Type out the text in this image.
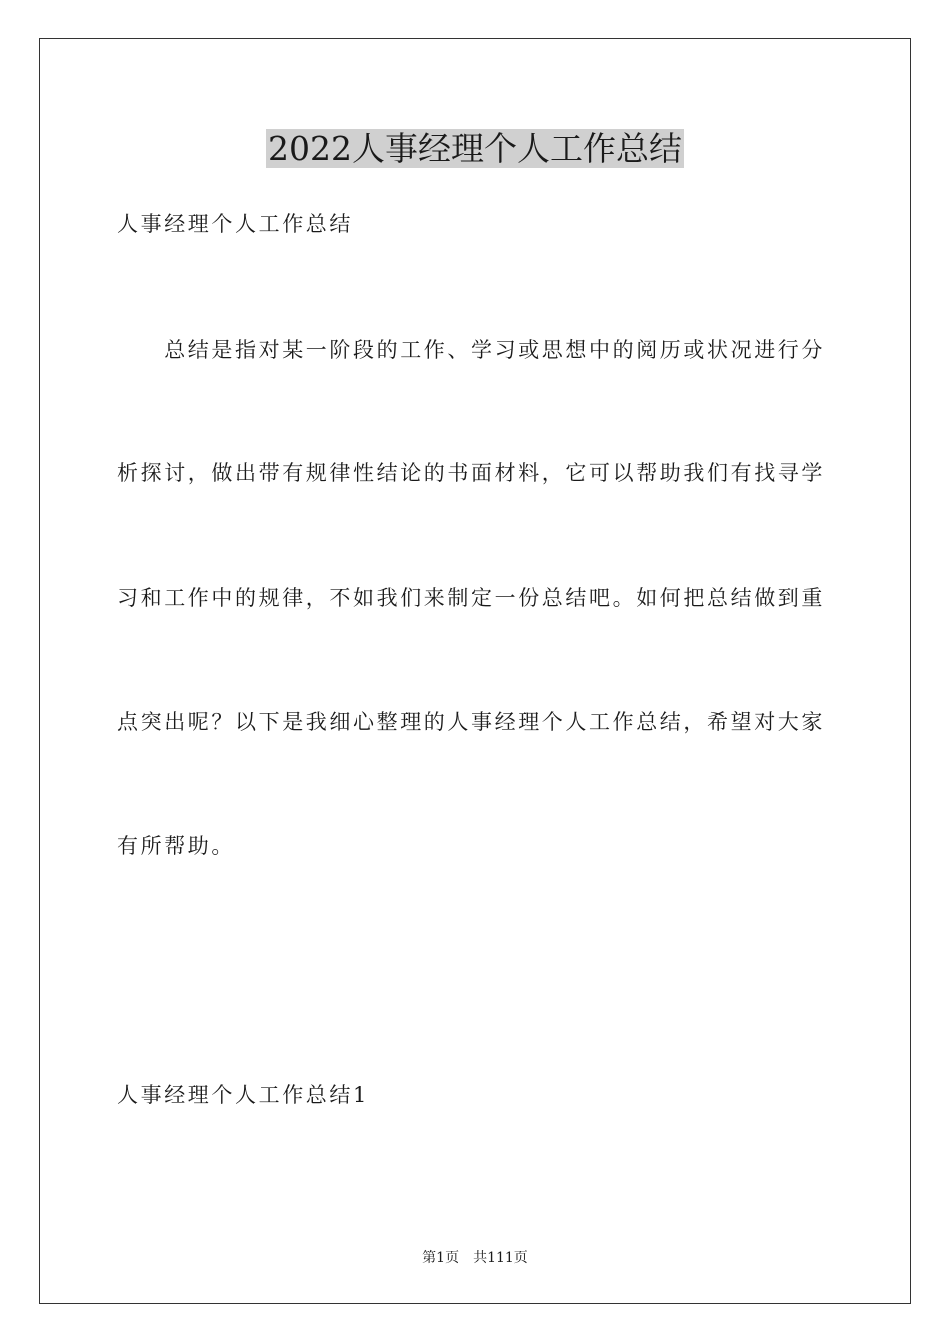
2022人事经理个人工作总结
人事经理个人工作总结
　　总结是指对某一阶段的工作、学习或思想中的阅历或状况进行分
析探讨，做出带有规律性结论的书面材料，它可以帮助我们有找寻学
习和工作中的规律，不如我们来制定一份总结吧。如何把总结做到重
点突出呢？以下是我细心整理的人事经理个人工作总结，希望对大家
有所帮助。
人事经理个人工作总结1
第1页　共111页
